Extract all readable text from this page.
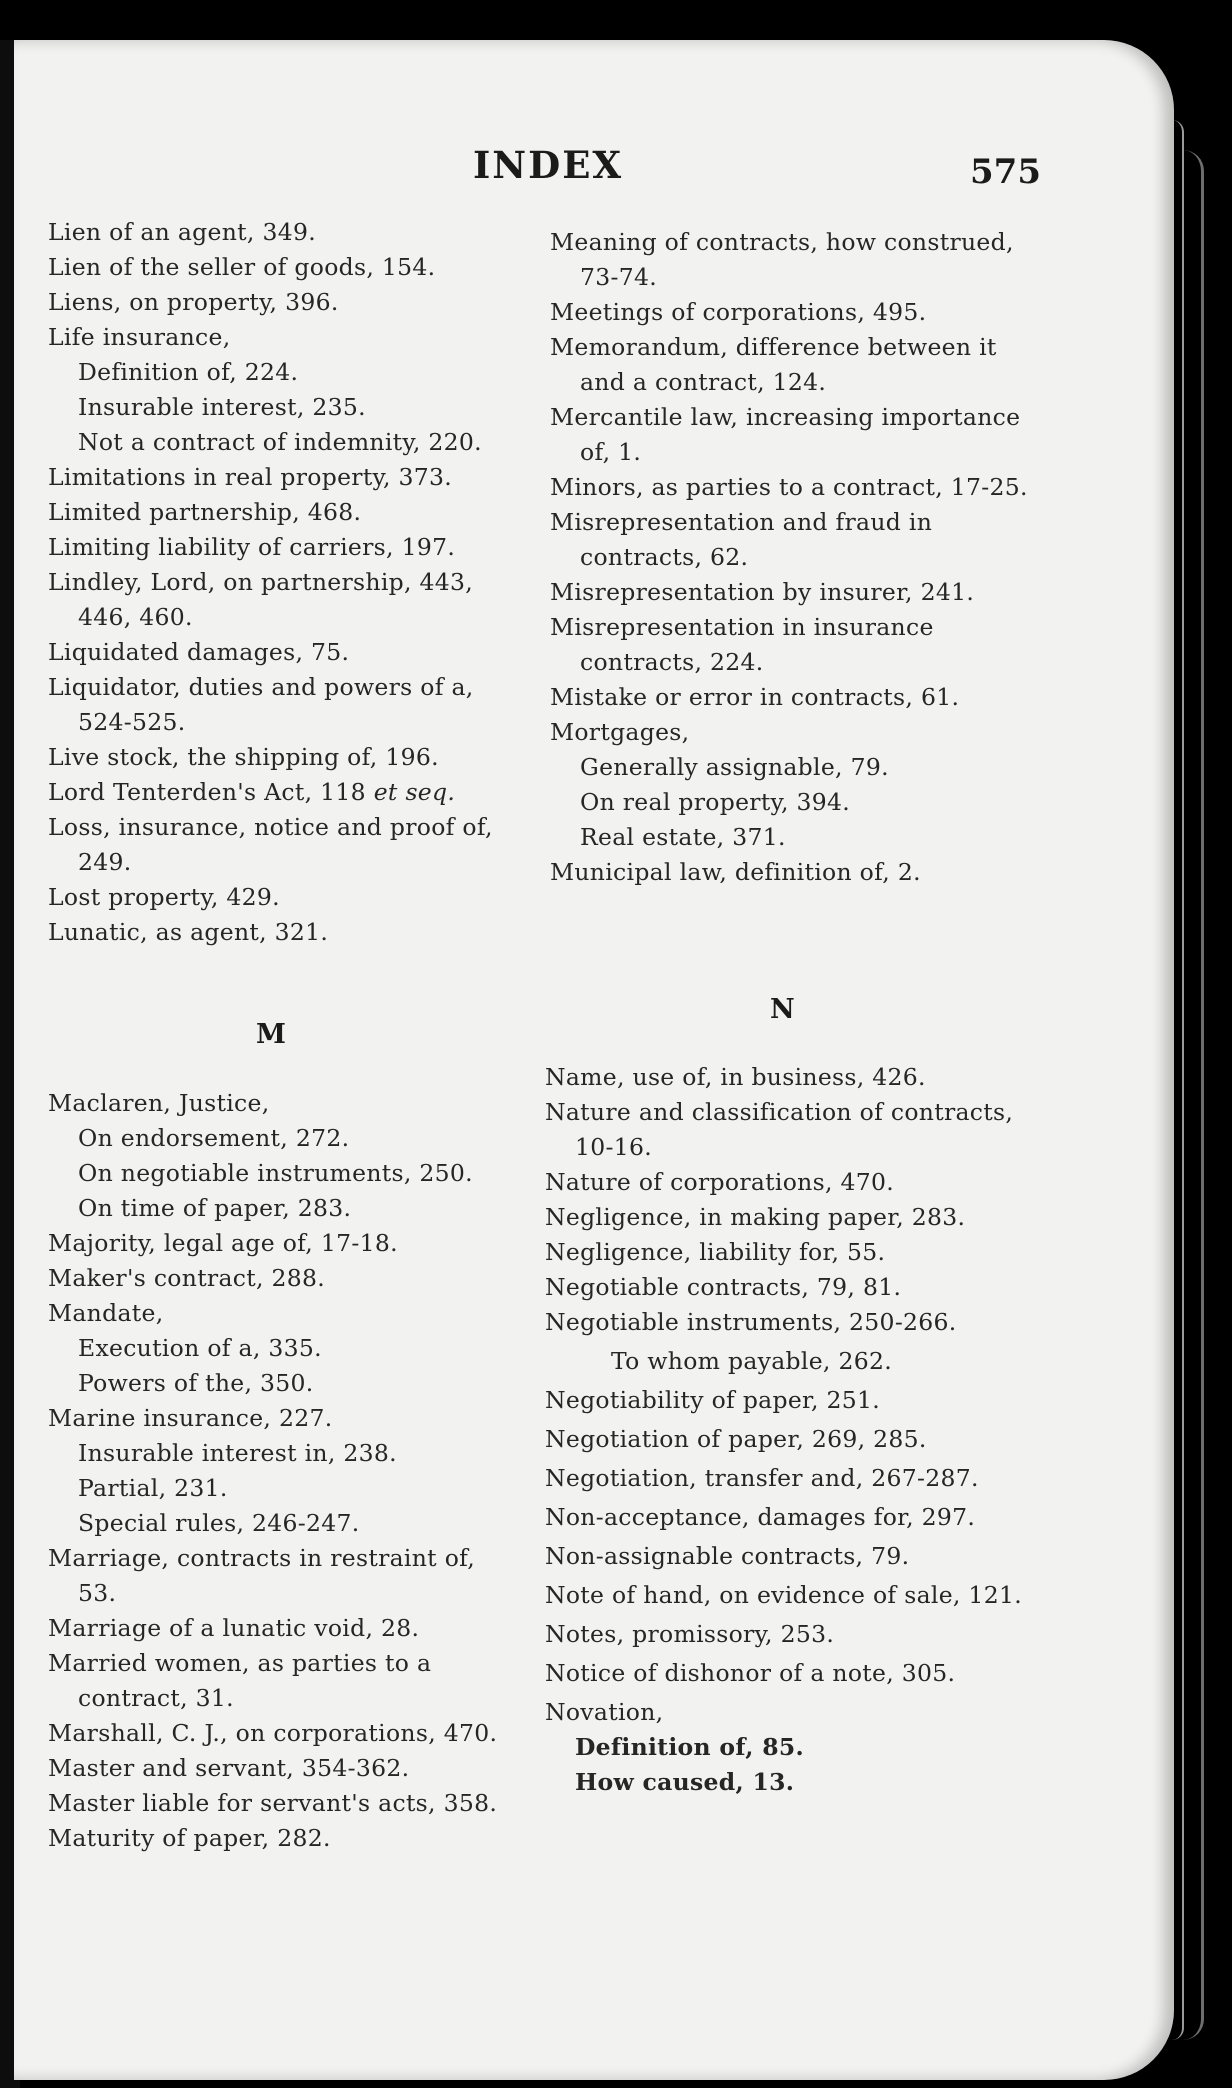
INDEX	575
Lien of an agent, 349.
Lien of the seller of goods, 154.
Liens, on property, 396.
Life insurance,
Definition of, 224.
Insurable interest, 235.
Not a contract of indemnity, 220.
Limitations in real property, 373.
Limited partnership, 468.
Limiting liability of carriers, 197.
Lindley, Lord, on partnership, 443, 446, 460.
Liquidated damages, 75.
Liquidator, duties and powers of a, 524-525.
Live stock, the shipping of, 196.
Lord Tenterden's Act, 118 et seq.
Loss, insurance, notice and proof of, 249.
Lost property, 429.
Lunatic, as agent, 321.
M
Maclaren, Justice,
On endorsement, 272.
On negotiable instruments, 250.
On time of paper, 283.
Majority, legal age of, 17-18.
Maker's contract, 288.
Mandate,
Execution of a, 335.
Powers of the, 350.
Marine insurance, 227.
Insurable interest in, 238.
Partial, 231.
Special rules, 246-247.
Marriage, contracts in restraint of, 53.
Marriage of a lunatic void, 28.
Married women, as parties to a contract, 31.
Marshall, C. J., on corporations, 470.
Master and servant, 354-362.
Master liable for servant's acts, 358.
Maturity of paper, 282.
Meaning of contracts, how construed, 73-74.
Meetings of corporations, 495.
Memorandum, difference between it and a contract, 124.
Mercantile law, increasing importance of, 1.
Minors, as parties to a contract, 17-25.
Misrepresentation and fraud in contracts, 62.
Misrepresentation by insurer, 241.
Misrepresentation in insurance contracts, 224.
Mistake or error in contracts, 61.
Mortgages,
Generally assignable, 79.
On real property, 394.
Real estate, 371.
Municipal law, definition of, 2.
N
Name, use of, in business, 426.
Nature and classification of contracts, 10-16.
Nature of corporations, 470.
Negligence, in making paper, 283.
Negligence, liability for, 55.
Negotiable contracts, 79, 81.
Negotiable instruments, 250-266.
To whom payable, 262.
Negotiability of paper, 251.
Negotiation of paper, 269, 285.
Negotiation, transfer and, 267-287.
Non-acceptance, damages for, 297.
Non-assignable contracts, 79.
Note of hand, on evidence of sale, 121.
Notes, promissory, 253.
Notice of dishonor of a note, 305.
Novation,
Definition of, 85.
How caused, 13.
